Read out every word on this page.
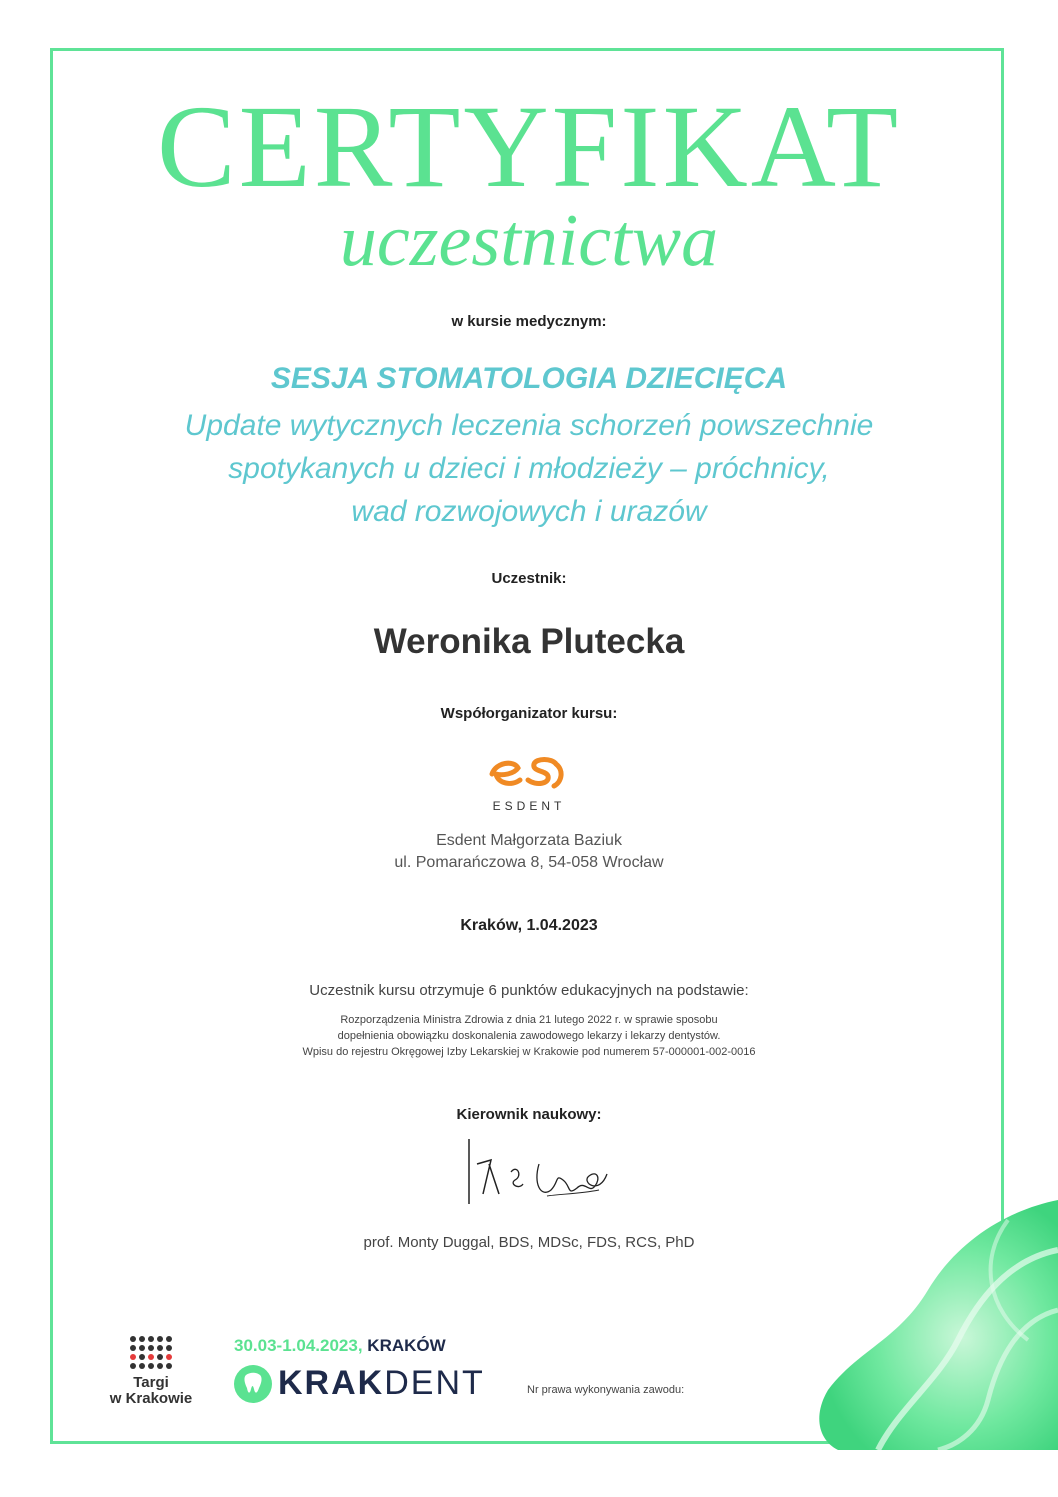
CERTYFIKAT
uczestnictwa
w kursie medycznym:
SESJA STOMATOLOGIA DZIECIĘCA
Update wytycznych leczenia schorzeń powszechnie
spotykanych u dzieci i młodzieży – próchnicy,
wad rozwojowych i urazów
Uczestnik:
Weronika Plutecka
Współorganizator kursu:
ESDENT
Esdent Małgorzata Baziuk
ul. Pomarańczowa 8, 54-058 Wrocław
Kraków, 1.04.2023
Uczestnik kursu otrzymuje 6 punktów edukacyjnych na podstawie:
Rozporządzenia Ministra Zdrowia z dnia 21 lutego 2022 r. w sprawie sposobu
dopełnienia obowiązku doskonalenia zawodowego lekarzy i lekarzy dentystów.
Wpisu do rejestru Okręgowej Izby Lekarskiej w Krakowie pod numerem 57-000001-002-0016
Kierownik naukowy:
prof. Monty Duggal, BDS, MDSc, FDS, RCS, PhD
Targi
w Krakowie
30.03-1.04.2023, KRAKÓW
KRAKDENT	Nr prawa wykonywania zawodu:
